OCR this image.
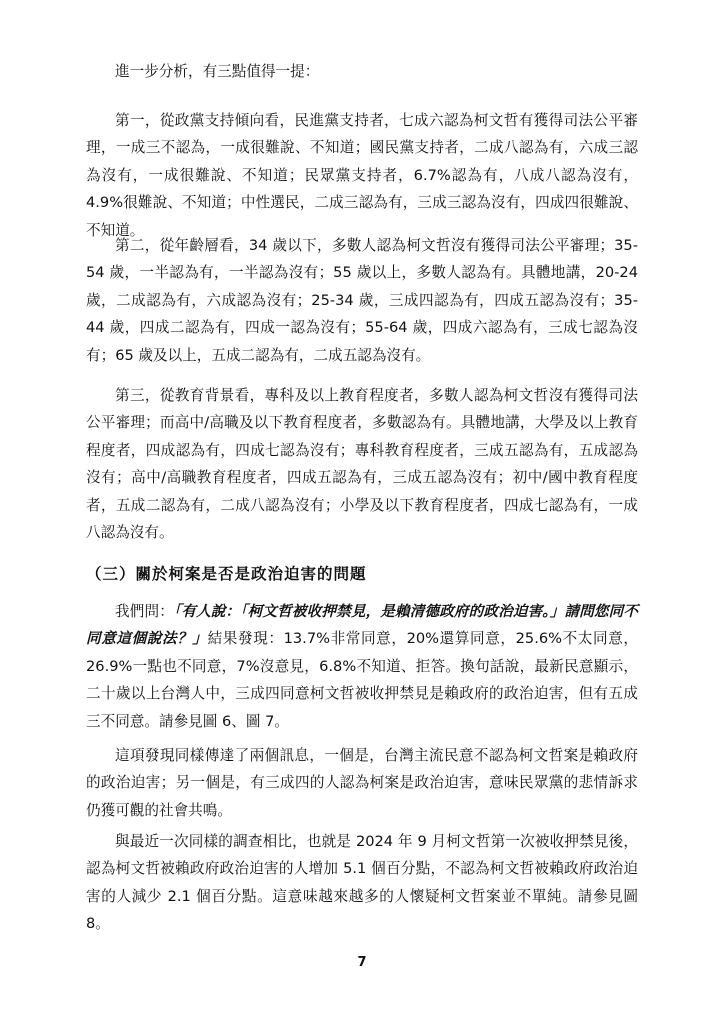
進一步分析，有三點值得一提：

第一，從政黨支持傾向看，民進黨支持者，七成六認為柯文哲有獲得司法公平審理，一成三不認為，一成很難說、不知道；國民黨支持者，二成八認為有，六成三認為沒有，一成很難說、不知道；民眾黨支持者，6.7%認為有，八成八認為沒有，4.9%很難說、不知道；中性選民，二成三認為有，三成三認為沒有，四成四很難說、不知道。

第二，從年齡層看，34 歲以下，多數人認為柯文哲沒有獲得司法公平審理；35-54 歲，一半認為有，一半認為沒有；55 歲以上，多數人認為有。具體地講，20-24 歲，二成認為有，六成認為沒有；25-34 歲，三成四認為有，四成五認為沒有；35-44 歲，四成二認為有，四成一認為沒有；55-64 歲，四成六認為有，三成七認為沒有；65 歲及以上，五成二認為有，二成五認為沒有。

第三，從教育背景看，專科及以上教育程度者，多數人認為柯文哲沒有獲得司法公平審理；而高中/高職及以下教育程度者，多數認為有。具體地講，大學及以上教育程度者，四成認為有，四成七認為沒有；專科教育程度者，三成五認為有，五成認為沒有；高中/高職教育程度者，四成五認為有，三成五認為沒有；初中/國中教育程度者，五成二認為有，二成八認為沒有；小學及以下教育程度者，四成七認為有，一成八認為沒有。

（三）關於柯案是否是政治迫害的問題

我們問：「有人說：「柯文哲被收押禁見，是賴清德政府的政治迫害。」請問您同不同意這個說法？」結果發現：13.7%非常同意，20%還算同意，25.6%不太同意，26.9%一點也不同意，7%沒意見，6.8%不知道、拒答。換句話說，最新民意顯示，二十歲以上台灣人中，三成四同意柯文哲被收押禁見是賴政府的政治迫害，但有五成三不同意。請參見圖 6、圖 7。

這項發現同樣傳達了兩個訊息，一個是，台灣主流民意不認為柯文哲案是賴政府的政治迫害；另一個是，有三成四的人認為柯案是政治迫害，意味民眾黨的悲情訴求仍獲可觀的社會共鳴。

與最近一次同樣的調查相比，也就是 2024 年 9 月柯文哲第一次被收押禁見後，認為柯文哲被賴政府政治迫害的人增加 5.1 個百分點，不認為柯文哲被賴政府政治迫害的人減少 2.1 個百分點。這意味越來越多的人懷疑柯文哲案並不單純。請參見圖 8。

7
